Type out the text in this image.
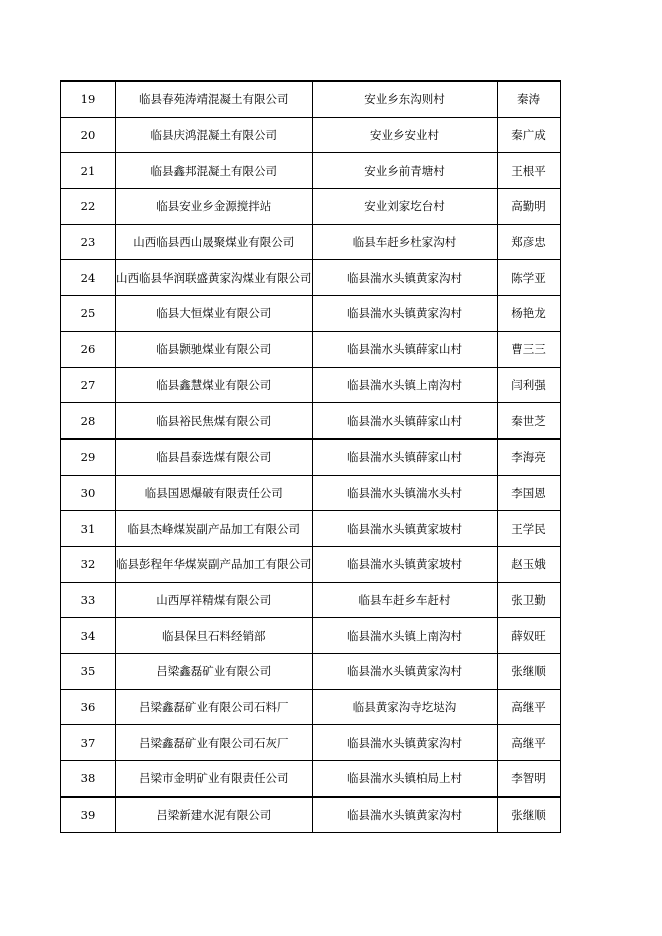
19	临县春苑涛靖混凝土有限公司	安业乡东沟则村	秦涛

20	临县庆鸿混凝土有限公司	安业乡安业村	秦广成

21	临县鑫邦混凝土有限公司	安业乡前青塘村	王根平

22	临县安业乡金源搅拌站	安业刘家圪台村	高勤明

23	山西临县西山晟聚煤业有限公司	临县车赶乡杜家沟村	郑彦忠

24	山西临县华润联盛黄家沟煤业有限公司	临县湍水头镇黄家沟村	陈学亚

25	临县大恒煤业有限公司	临县湍水头镇黄家沟村	杨艳龙

26	临县颢驰煤业有限公司	临县湍水头镇薛家山村	曹三三

27	临县鑫慧煤业有限公司	临县湍水头镇上南沟村	闫利强

28	临县裕民焦煤有限公司	临县湍水头镇薛家山村	秦世芝

29	临县昌泰选煤有限公司	临县湍水头镇薛家山村	李海亮

30	临县国恩爆破有限责任公司	临县湍水头镇湍水头村	李国恩

31	临县杰峰煤炭副产品加工有限公司	临县湍水头镇黄家坡村	王学民

32	临县彭程年华煤炭副产品加工有限公司	临县湍水头镇黄家坡村	赵玉娥

33	山西厚祥精煤有限公司	临县车赶乡车赶村	张卫勤

34	临县保旦石料经销部	临县湍水头镇上南沟村	薛奴旺

35	吕梁鑫磊矿业有限公司	临县湍水头镇黄家沟村	张继顺

36	吕梁鑫磊矿业有限公司石料厂	临县黄家沟寺圪垯沟	高继平

37	吕梁鑫磊矿业有限公司石灰厂	临县湍水头镇黄家沟村	高继平

38	吕梁市金明矿业有限责任公司	临县湍水头镇柏局上村	李智明

39	吕梁新建水泥有限公司	临县湍水头镇黄家沟村	张继顺
